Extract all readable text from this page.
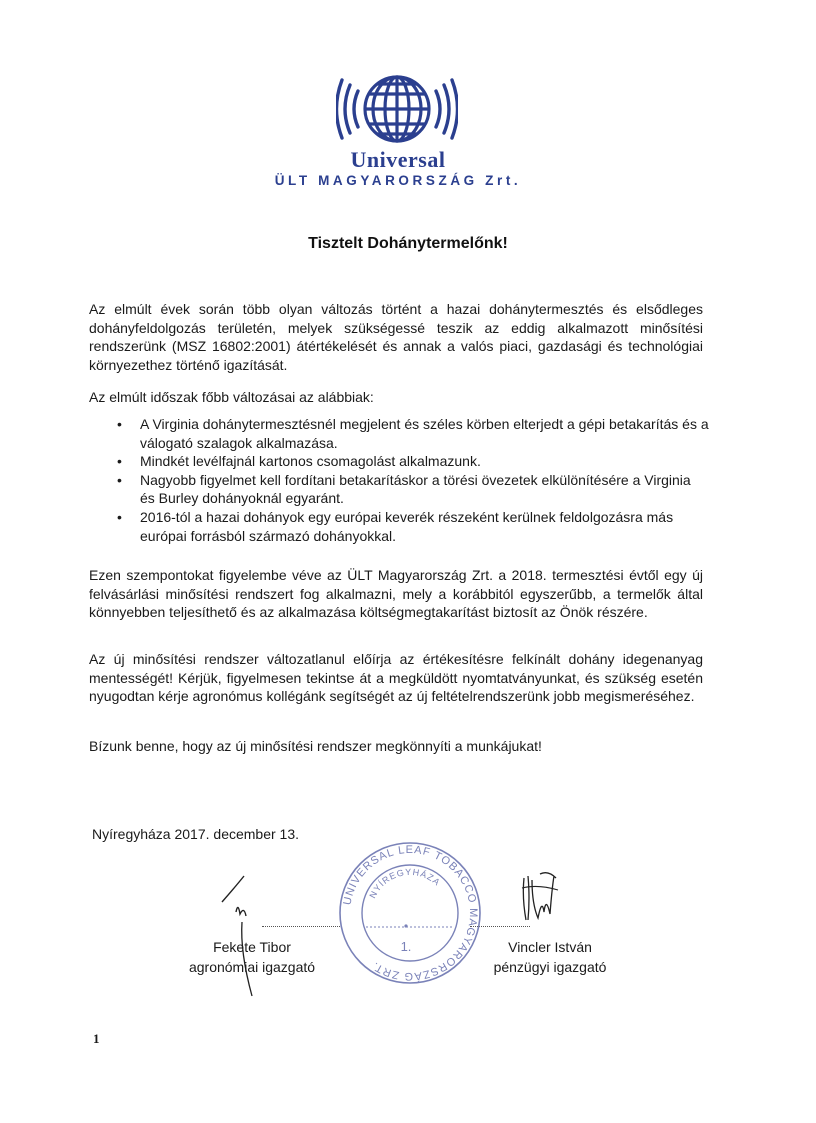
Universal
ÜLT MAGYARORSZÁG Zrt.
Tisztelt Dohánytermelőnk!

Az elmúlt évek során több olyan változás történt a hazai dohánytermesztés és elsődleges dohányfeldolgozás területén, melyek szükségessé teszik az eddig alkalmazott minősítési rendszerünk (MSZ 16802:2001) átértékelését és annak a valós piaci, gazdasági és technológiai környezethez történő igazítását.

Az elmúlt időszak főbb változásai az alábbiak:

• A Virginia dohánytermesztésnél megjelent és széles körben elterjedt a gépi betakarítás és a válogató szalagok alkalmazása.
• Mindkét levélfajnál kartonos csomagolást alkalmazunk.
• Nagyobb figyelmet kell fordítani betakarításkor a törési övezetek elkülönítésére a Virginia és Burley dohányoknál egyaránt.
• 2016-tól a hazai dohányok egy európai keverék részeként kerülnek feldolgozásra más európai forrásból származó dohányokkal.

Ezen szempontokat figyelembe véve az ÜLT Magyarország Zrt. a 2018. termesztési évtől egy új felvásárlási minősítési rendszert fog alkalmazni, mely a korábbitól egyszerűbb, a termelők által könnyebben teljesíthető és az alkalmazása költségmegtakarítást biztosít az Önök részére.

Az új minősítési rendszer változatlanul előírja az értékesítésre felkínált dohány idegenanyag mentességét! Kérjük, figyelmesen tekintse át a megküldött nyomtatványunkat, és szükség esetén nyugodtan kérje agronómus kollégánk segítségét az új feltételrendszerünk jobb megismeréséhez.

Bízunk benne, hogy az új minősítési rendszer megkönnyíti a munkájukat!

Nyíregyháza 2017. december 13.
Fekete Tibor
agronómiai igazgató
UNIVERSAL LEAF TOBACCO MAGYARORSZÁG ZRT.
NYÍREGYHÁZA
1.	Vincler István
pénzügyi igazgató
1
